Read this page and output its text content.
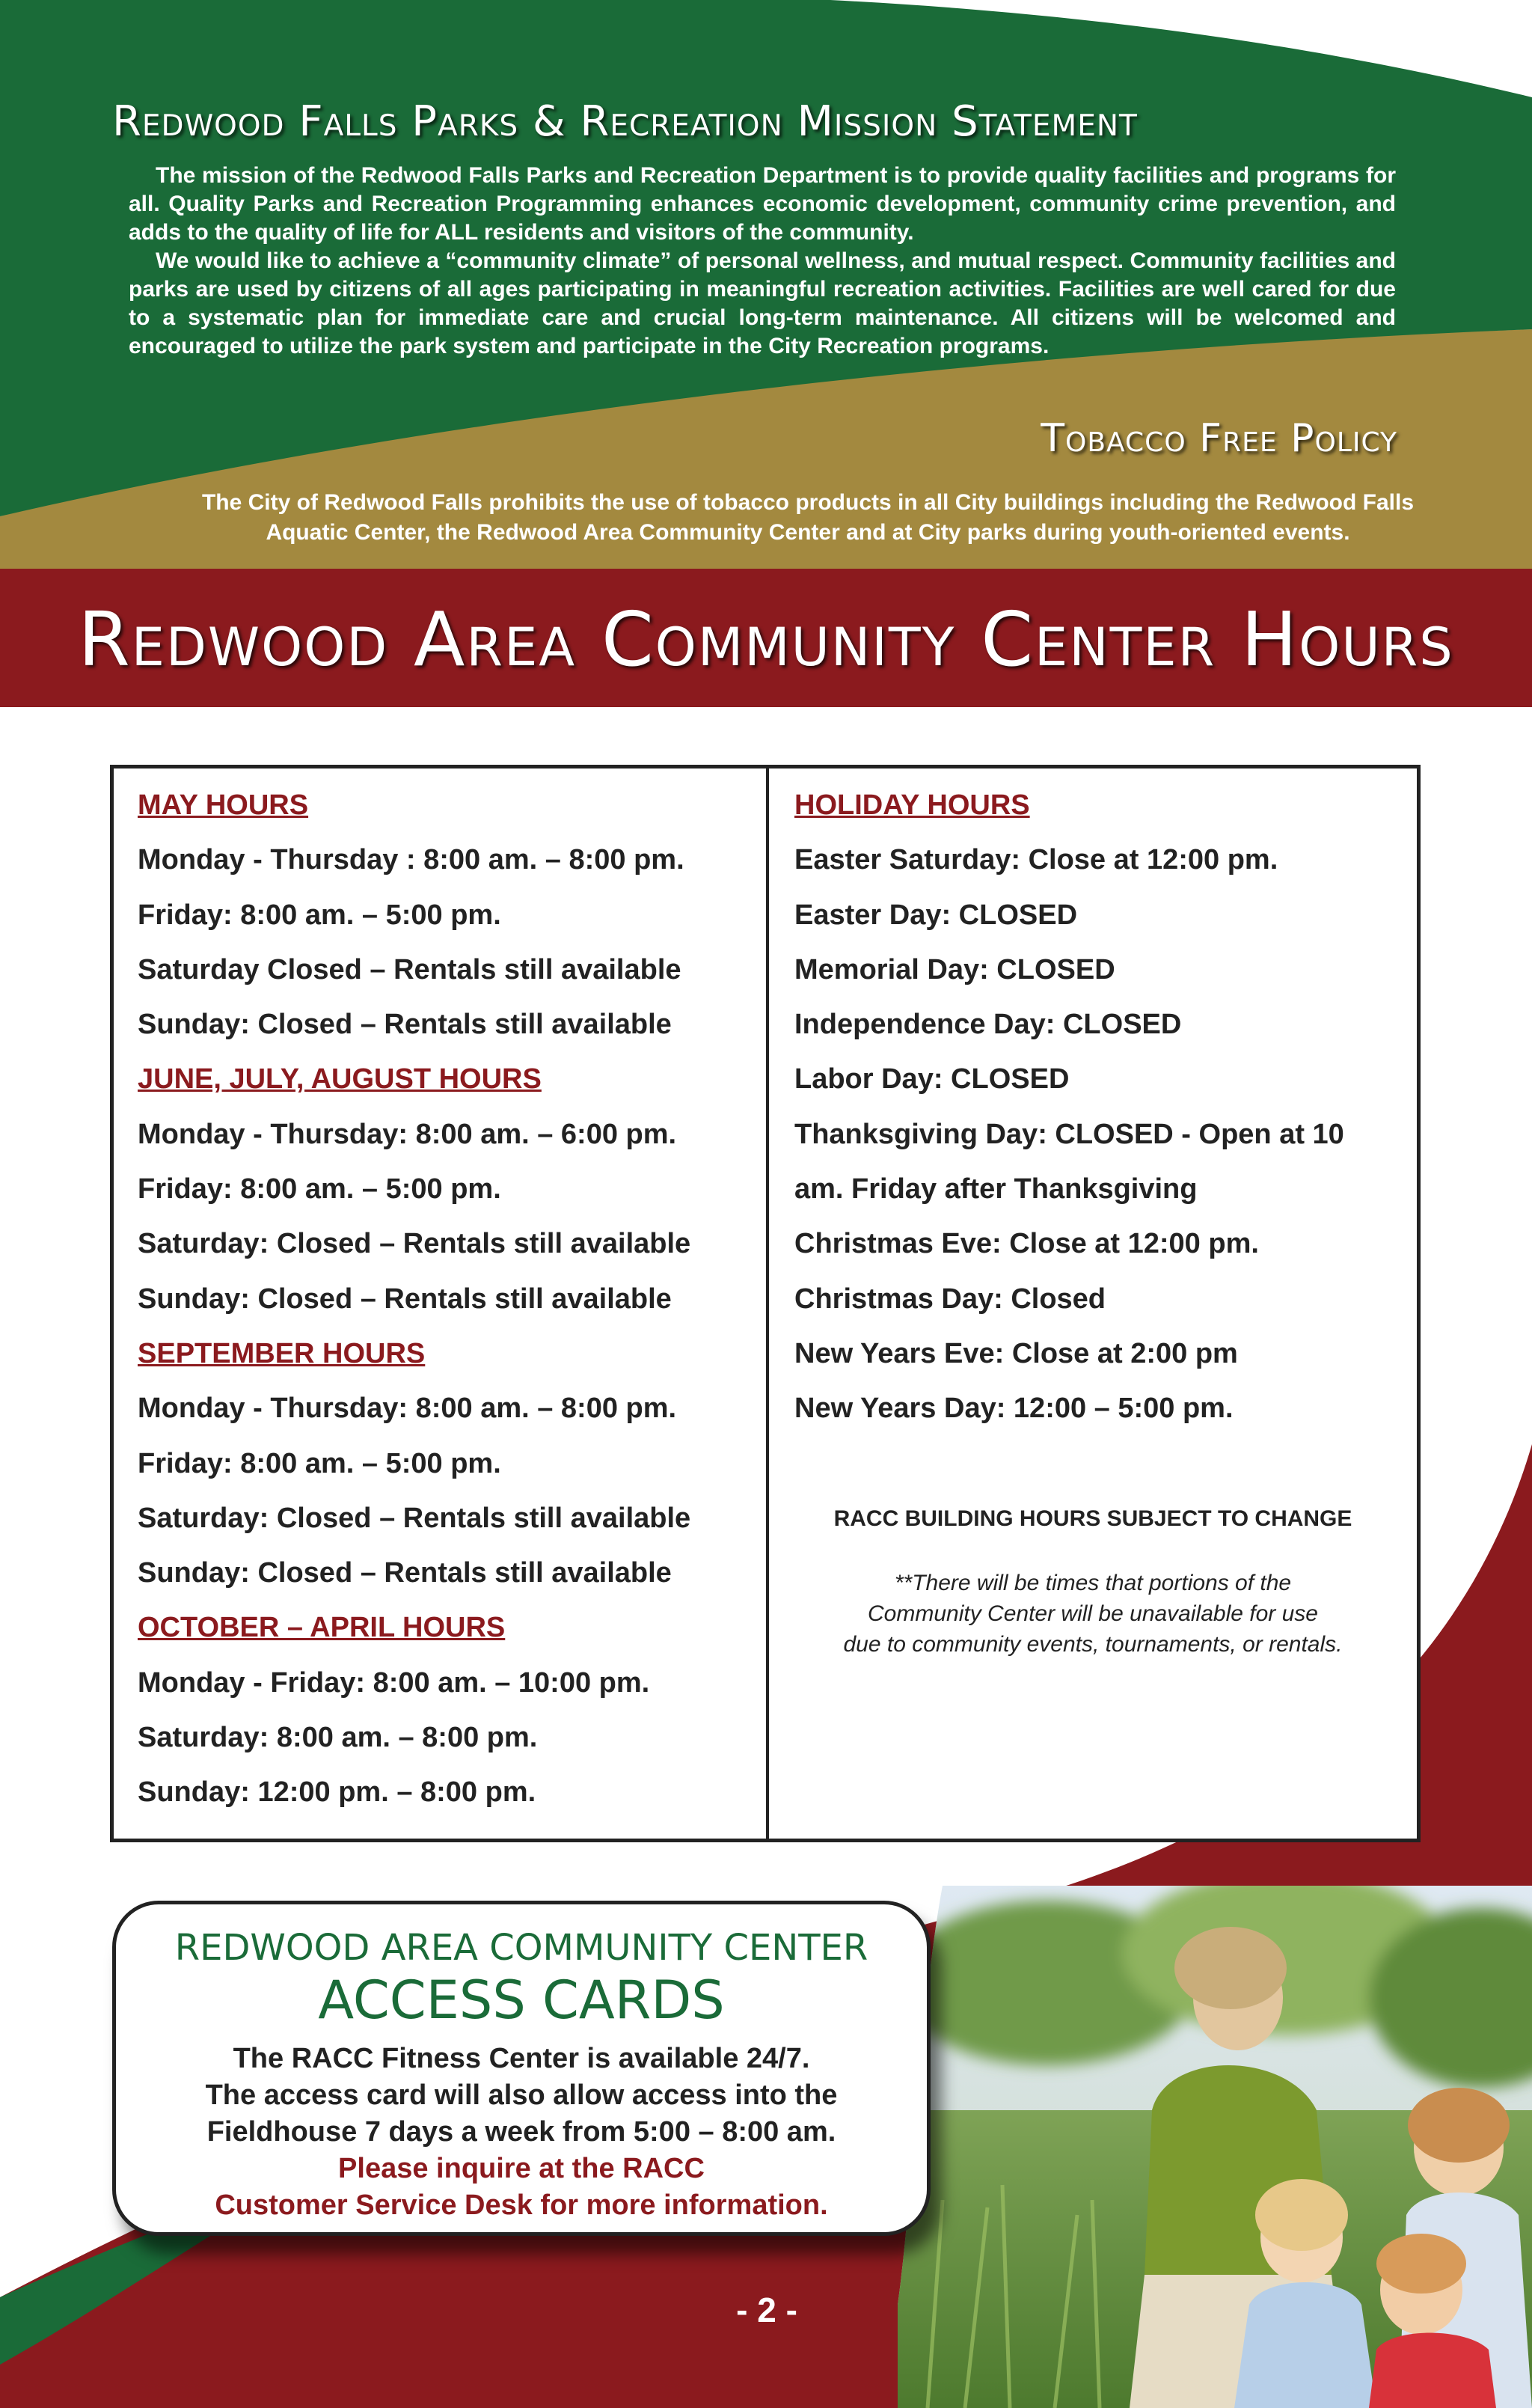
Redwood Falls Parks & Recreation Mission Statement

The mission of the Redwood Falls Parks and Recreation Department is to provide quality facilities and programs for all. Quality Parks and Recreation Programming enhances economic development, community crime prevention, and adds to the quality of life for ALL residents and visitors of the community.

We would like to achieve a “community climate” of personal wellness, and mutual respect. Community facilities and parks are used by citizens of all ages participating in meaningful recreation activities. Facilities are well cared for due to a systematic plan for immediate care and crucial long-term maintenance. All citizens will be welcomed and encouraged to utilize the park system and participate in the City Recreation programs.

Tobacco Free Policy
The City of Redwood Falls prohibits the use of tobacco products in all City buildings including the Redwood Falls Aquatic Center, the Redwood Area Community Center and at City parks during youth-oriented events.
Redwood Area Community Center Hours
MAY HOURS
Monday - Thursday : 8:00 am. – 8:00 pm.
Friday: 8:00 am. – 5:00 pm.
Saturday Closed – Rentals still available
Sunday: Closed – Rentals still available
JUNE, JULY, AUGUST HOURS
Monday - Thursday: 8:00 am. – 6:00 pm.
Friday: 8:00 am. – 5:00 pm.
Saturday: Closed – Rentals still available
Sunday: Closed – Rentals still available
SEPTEMBER HOURS
Monday - Thursday: 8:00 am. – 8:00 pm.
Friday: 8:00 am. – 5:00 pm.
Saturday: Closed – Rentals still available
Sunday: Closed – Rentals still available
OCTOBER – APRIL HOURS
Monday - Friday: 8:00 am. – 10:00 pm.
Saturday: 8:00 am. – 8:00 pm.
Sunday: 12:00 pm. – 8:00 pm.
HOLIDAY HOURS
Easter Saturday: Close at 12:00 pm.
Easter Day: CLOSED
Memorial Day: CLOSED
Independence Day: CLOSED
Labor Day: CLOSED
Thanksgiving Day: CLOSED - Open at 10
am. Friday after Thanksgiving
Christmas Eve: Close at 12:00 pm.
Christmas Day: Closed
New Years Eve: Close at 2:00 pm
New Years Day: 12:00 – 5:00 pm.
RACC BUILDING HOURS SUBJECT TO CHANGE
**There will be times that portions of the
Community Center will be unavailable for use
due to community events, tournaments, or rentals.
REDWOOD AREA COMMUNITY CENTER
ACCESS CARDS
The RACC Fitness Center is available 24/7.
The access card will also allow access into the
Fieldhouse 7 days a week from 5:00 – 8:00 am.
Please inquire at the RACC
Customer Service Desk for more information.
- 2 -
